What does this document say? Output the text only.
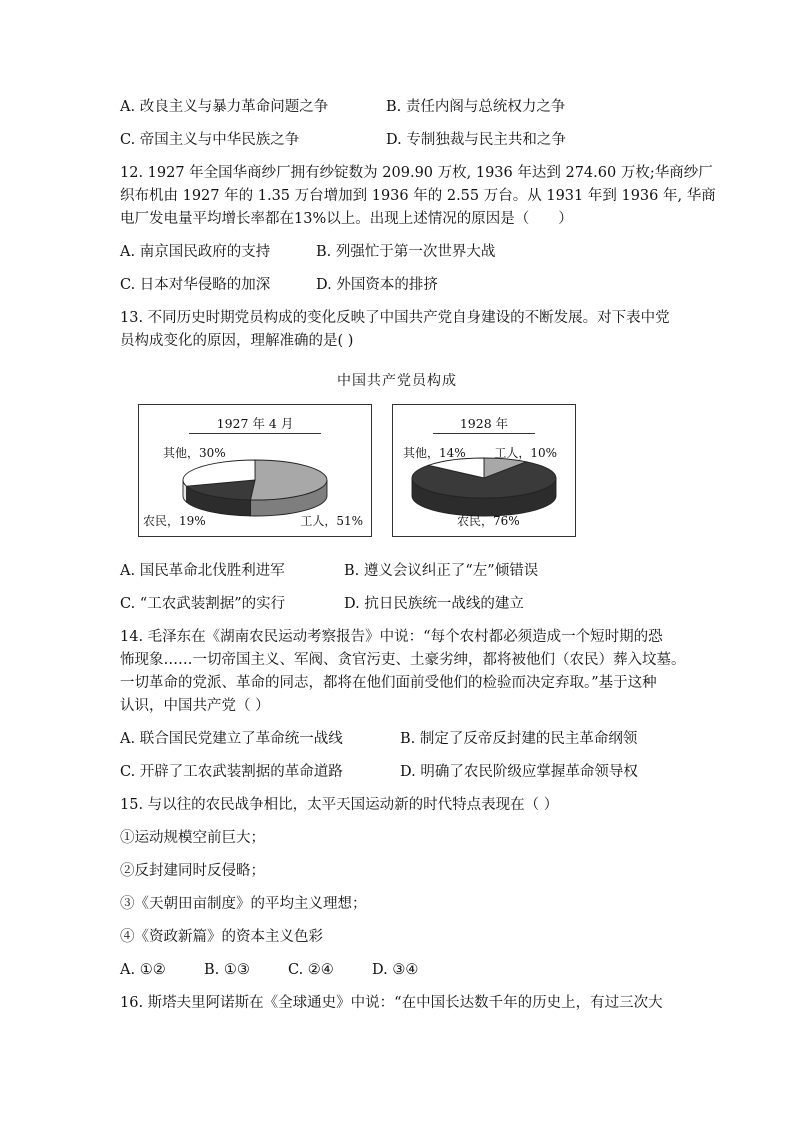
A. 改良主义与暴力革命问题之争	B. 责任内阁与总统权力之争
C. 帝国主义与中华民族之争	D. 专制独裁与民主共和之争
12. 1927 年全国华商纱厂拥有纱锭数为 209.90 万枚, 1936 年达到 274.60 万枚;华商纱厂
织布机由 1927 年的 1.35 万台增加到 1936 年的 2.55 万台。从 1931 年到 1936 年, 华商
电厂发电量平均增长率都在13%以上。出现上述情况的原因是（　　）
A. 南京国民政府的支持	B. 列强忙于第一次世界大战
C. 日本对华侵略的加深	D. 外国资本的排挤
13. 不同历史时期党员构成的变化反映了中国共产党自身建设的不断发展。对下表中党
员构成变化的原因，理解准确的是( )
中国共产党员构成
1927 年 4 月
其他，30%
工人，51%
农民，19%
1928 年
其他，14% 工人，10%
农民，76%
A. 国民革命北伐胜利进军	B. 遵义会议纠正了“左”倾错误
C. “工农武装割据”的实行	D. 抗日民族统一战线的建立
14. 毛泽东在《湖南农民运动考察报告》中说：“每个农村都必须造成一个短时期的恐
怖现象……一切帝国主义、军阀、贪官污吏、土豪劣绅，都将被他们（农民）葬入坟墓。
一切革命的党派、革命的同志，都将在他们面前受他们的检验而决定弃取。”基于这种
认识，中国共产党（ ）
A. 联合国民党建立了革命统一战线	B. 制定了反帝反封建的民主革命纲领
C. 开辟了工农武装割据的革命道路	D. 明确了农民阶级应掌握革命领导权
15. 与以往的农民战争相比，太平天国运动新的时代特点表现在（ ）
①运动规模空前巨大；
②反封建同时反侵略；
③《天朝田亩制度》的平均主义理想；
④《资政新篇》的资本主义色彩
A. ①②	B. ①③	C. ②④	D. ③④
16. 斯塔夫里阿诺斯在《全球通史》中说：“在中国长达数千年的历史上，有过三次大
